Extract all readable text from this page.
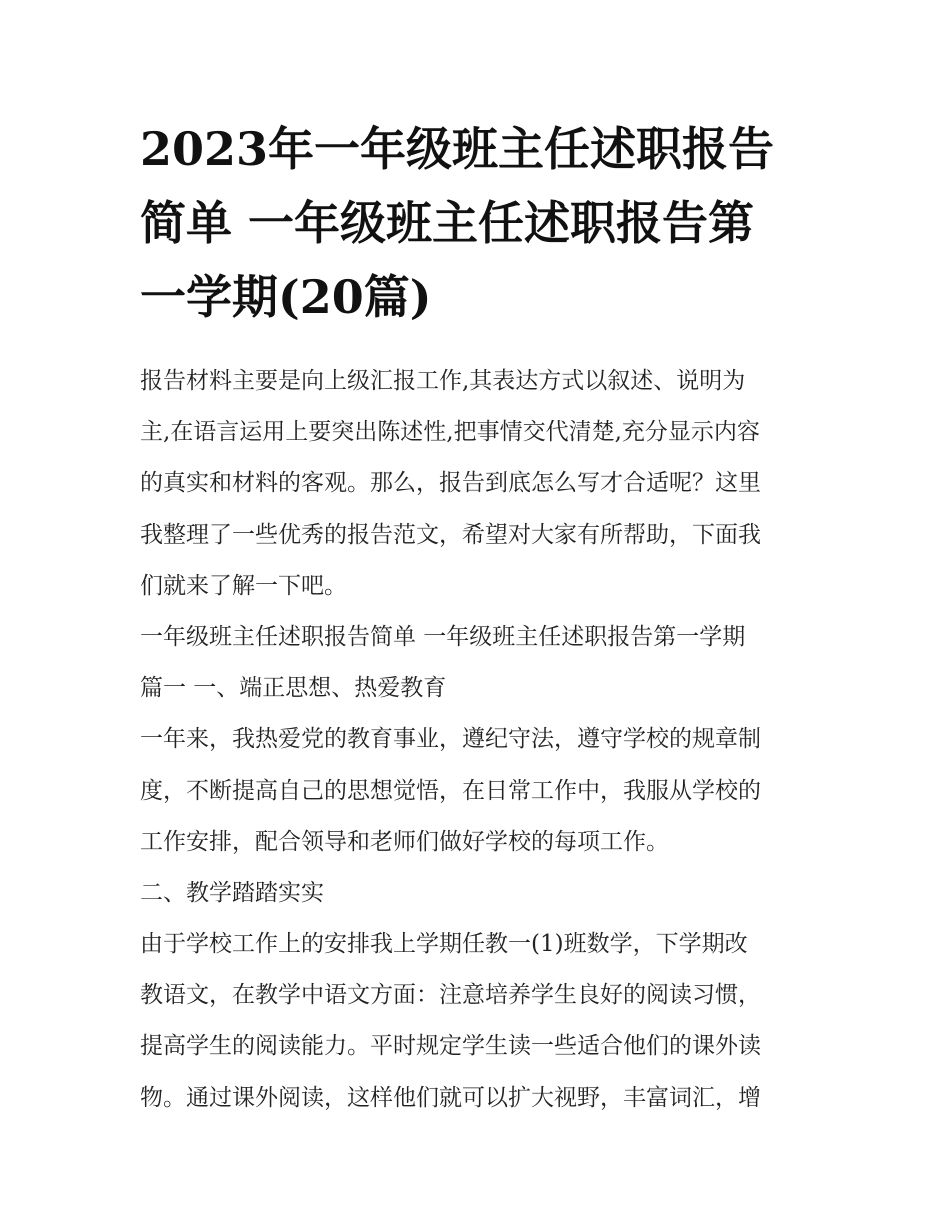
2023年一年级班主任述职报告
简单 一年级班主任述职报告第
一学期(20篇)
报告材料主要是向上级汇报工作,其表达方式以叙述、说明为
主,在语言运用上要突出陈述性,把事情交代清楚,充分显示内容
的真实和材料的客观。那么，报告到底怎么写才合适呢？这里
我整理了一些优秀的报告范文，希望对大家有所帮助，下面我
们就来了解一下吧。
一年级班主任述职报告简单 一年级班主任述职报告第一学期
篇一 一、端正思想、热爱教育
一年来，我热爱党的教育事业，遵纪守法，遵守学校的规章制
度，不断提高自己的思想觉悟，在日常工作中，我服从学校的
工作安排，配合领导和老师们做好学校的每项工作。
二、教学踏踏实实
由于学校工作上的安排我上学期任教一(1)班数学，下学期改
教语文，在教学中语文方面：注意培养学生良好的阅读习惯，
提高学生的阅读能力。平时规定学生读一些适合他们的课外读
物。通过课外阅读，这样他们就可以扩大视野，丰富词汇，增
